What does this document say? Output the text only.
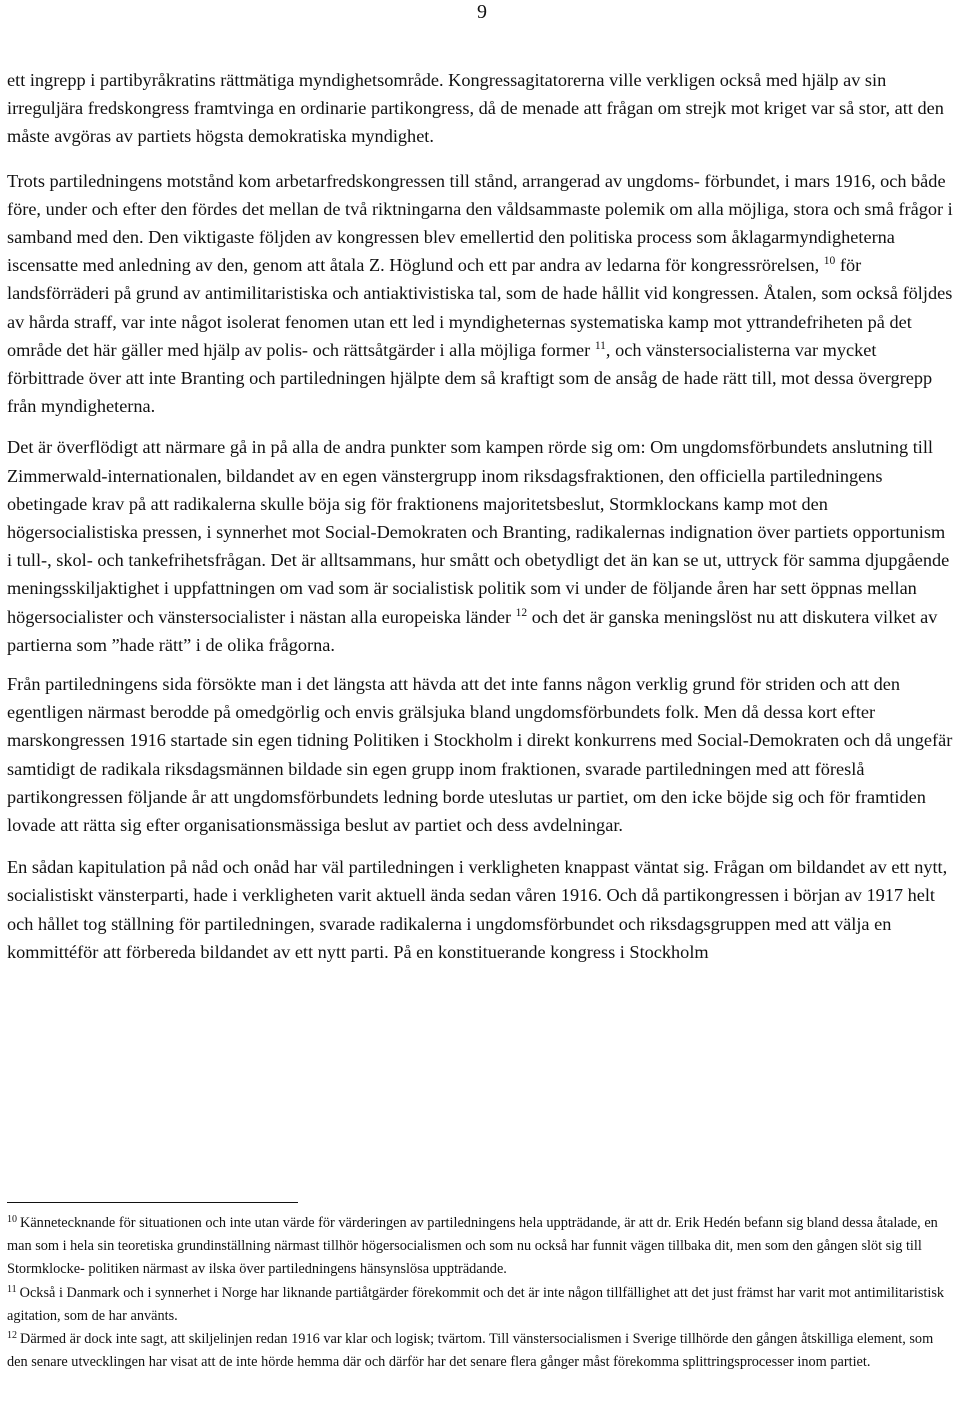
9

ett ingrepp i partibyråkratins rättmätiga myndighetsområde. Kongressagitatorerna ville verkligen också med hjälp av sin irreguljära fredskongress framtvinga en ordinarie partikongress, då de menade att frågan om strejk mot kriget var så stor, att den måste avgöras av partiets högsta demokratiska myndighet.

Trots partiledningens motstånd kom arbetarfredskongressen till stånd, arrangerad av ungdoms- förbundet, i mars 1916, och både före, under och efter den fördes det mellan de två riktningarna den våldsammaste polemik om alla möjliga, stora och små frågor i samband med den. Den viktigaste följden av kongressen blev emellertid den politiska process som åklagarmyndigheterna iscensatte med anledning av den, genom att åtala Z. Höglund och ett par andra av ledarna för kongressrörelsen, $^{10}$ för landsförräderi på grund av antimilitaristiska och antiaktivistiska tal, som de hade hållit vid kongressen. Åtalen, som också följdes av hårda straff, var inte något isolerat fenomen utan ett led i myndigheternas systematiska kamp mot yttrandefriheten på det område det här gäller med hjälp av polis- och rättsåtgärder i alla möjliga former $^{11}$, och vänstersocialisterna var mycket förbittrade över att inte Branting och partiledningen hjälpte dem så kraftigt som de ansåg de hade rätt till, mot dessa övergrepp från myndigheterna.

Det är överflödigt att närmare gå in på alla de andra punkter som kampen rörde sig om: Om ungdomsförbundets anslutning till Zimmerwald-internationalen, bildandet av en egen vänstergrupp inom riksdagsfraktionen, den officiella partiledningens obetingade krav på att radikalerna skulle böja sig för fraktionens majoritetsbeslut, Stormklockans kamp mot den högersocialistiska pressen, i synnerhet mot Social-Demokraten och Branting, radikalernas indignation över partiets opportunism i tull-, skol- och tankefrihetsfrågan. Det är alltsammans, hur smått och obetydligt det än kan se ut, uttryck för samma djupgående meningsskiljaktighet i uppfattningen om vad som är socialistisk politik som vi under de följande åren har sett öppnas mellan högersocialister och vänstersocialister i nästan alla europeiska länder $^{12}$ och det är ganska meningslöst nu att diskutera vilket av partierna som ”hade rätt” i de olika frågorna.

Från partiledningens sida försökte man i det längsta att hävda att det inte fanns någon verklig grund för striden och att den egentligen närmast berodde på omedgörlig och envis grälsjuka bland ungdomsförbundets folk. Men då dessa kort efter marskongressen 1916 startade sin egen tidning Politiken i Stockholm i direkt konkurrens med Social-Demokraten och då ungefär samtidigt de radikala riksdagsmännen bildade sin egen grupp inom fraktionen, svarade partiledningen med att föreslå partikongressen följande år att ungdomsförbundets ledning borde uteslutas ur partiet, om den icke böjde sig och för framtiden lovade att rätta sig efter organisationsmässiga beslut av partiet och dess avdelningar.

En sådan kapitulation på nåd och onåd har väl partiledningen i verkligheten knappast väntat sig. Frågan om bildandet av ett nytt, socialistiskt vänsterparti, hade i verkligheten varit aktuell ända sedan våren 1916. Och då partikongressen i början av 1917 helt och hållet tog ställning för partiledningen, svarade radikalerna i ungdomsförbundet och riksdagsgruppen med att välja en kommittéför att förbereda bildandet av ett nytt parti. På en konstituerande kongress i Stockholm

$^{10}$ Kännetecknande för situationen och inte utan värde för värderingen av partiledningens hela uppträdande, är att dr. Erik Hedén befann sig bland dessa åtalade, en man som i hela sin teoretiska grundinställning närmast tillhör högersocialismen och som nu också har funnit vägen tillbaka dit, men som den gången slöt sig till Stormklocke- politiken närmast av ilska över partiledningens hänsynslösa uppträdande.

$^{11}$ Också i Danmark och i synnerhet i Norge har liknande partiåtgärder förekommit och det är inte någon tillfällighet att det just främst har varit mot antimilitaristisk agitation, som de har använts.

$^{12}$ Därmed är dock inte sagt, att skiljelinjen redan 1916 var klar och logisk; tvärtom. Till vänstersocialismen i Sverige tillhörde den gången åtskilliga element, som den senare utvecklingen har visat att de inte hörde hemma där och därför har det senare flera gånger måst förekomma splittringsprocesser inom partiet.
